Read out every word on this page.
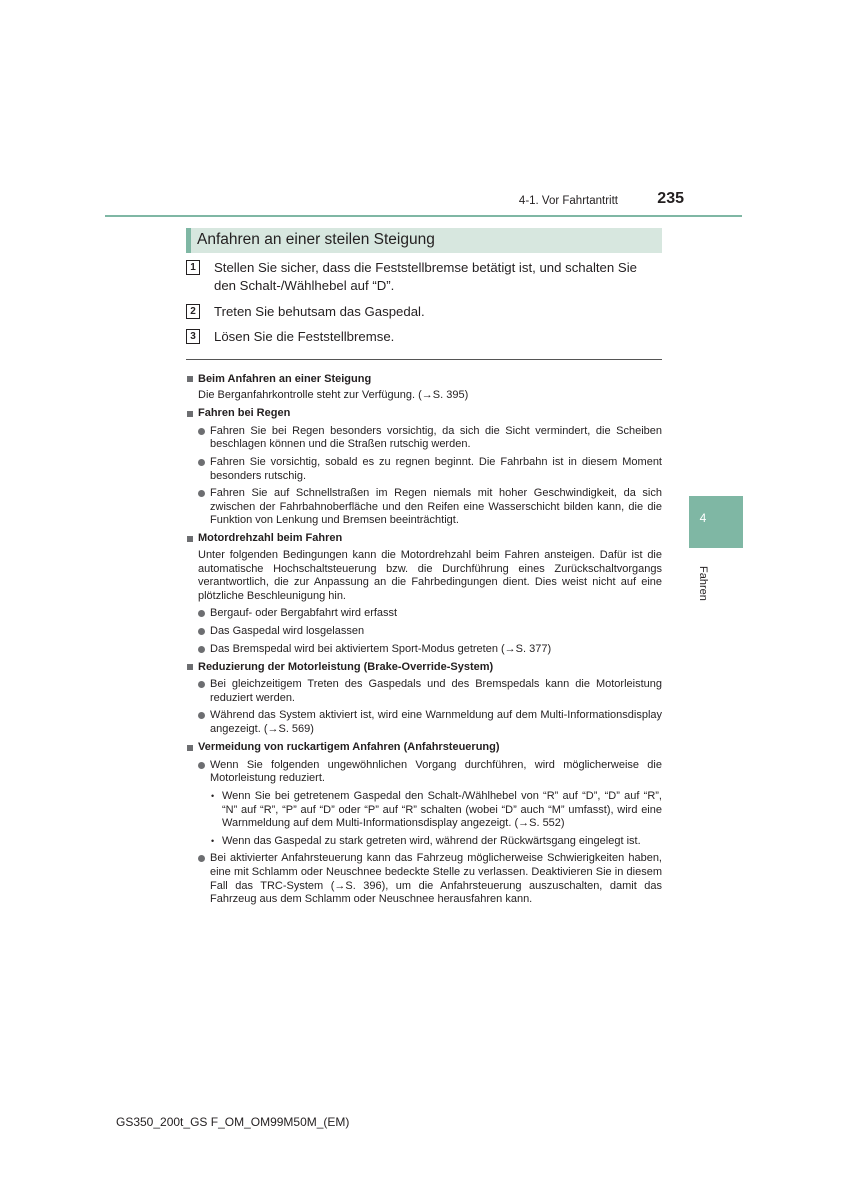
4-1. Vor Fahrtantritt	235
Anfahren an einer steilen Steigung
1	Stellen Sie sicher, dass die Feststellbremse betätigt ist, und schalten Sie den Schalt-/Wählhebel auf “D”.
2	Treten Sie behutsam das Gaspedal.
3	Lösen Sie die Feststellbremse.
Beim Anfahren an einer Steigung
Die Berganfahrkontrolle steht zur Verfügung. (→S. 395)
Fahren bei Regen
Fahren Sie bei Regen besonders vorsichtig, da sich die Sicht vermindert, die Scheiben beschlagen können und die Straßen rutschig werden.
Fahren Sie vorsichtig, sobald es zu regnen beginnt. Die Fahrbahn ist in diesem Moment besonders rutschig.
Fahren Sie auf Schnellstraßen im Regen niemals mit hoher Geschwindigkeit, da sich zwischen der Fahrbahnoberfläche und den Reifen eine Wasserschicht bilden kann, die die Funktion von Lenkung und Bremsen beeinträchtigt.
Motordrehzahl beim Fahren
Unter folgenden Bedingungen kann die Motordrehzahl beim Fahren ansteigen. Dafür ist die automatische Hochschaltsteuerung bzw. die Durchführung eines Zurückschaltvorgangs verantwortlich, die zur Anpassung an die Fahrbedingungen dient. Dies weist nicht auf eine plötzliche Beschleunigung hin.
Bergauf- oder Bergabfahrt wird erfasst
Das Gaspedal wird losgelassen
Das Bremspedal wird bei aktiviertem Sport-Modus getreten (→S. 377)
Reduzierung der Motorleistung (Brake-Override-System)
Bei gleichzeitigem Treten des Gaspedals und des Bremspedals kann die Motorleistung reduziert werden.
Während das System aktiviert ist, wird eine Warnmeldung auf dem Multi-Informationsdisplay angezeigt. (→S. 569)
Vermeidung von ruckartigem Anfahren (Anfahrsteuerung)
Wenn Sie folgenden ungewöhnlichen Vorgang durchführen, wird möglicherweise die Motorleistung reduziert.
• Wenn Sie bei getretenem Gaspedal den Schalt-/Wählhebel von “R” auf “D”, “D” auf “R”, “N” auf “R”, “P” auf “D” oder “P” auf “R” schalten (wobei “D” auch “M” umfasst), wird eine Warnmeldung auf dem Multi-Informationsdisplay angezeigt. (→S. 552)
• Wenn das Gaspedal zu stark getreten wird, während der Rückwärtsgang eingelegt ist.
Bei aktivierter Anfahrsteuerung kann das Fahrzeug möglicherweise Schwierigkeiten haben, eine mit Schlamm oder Neuschnee bedeckte Stelle zu verlassen. Deaktivieren Sie in diesem Fall das TRC-System (→S. 396), um die Anfahrsteuerung auszuschalten, damit das Fahrzeug aus dem Schlamm oder Neuschnee herausfahren kann.
4
Fahren
GS350_200t_GS F_OM_OM99M50M_(EM)
